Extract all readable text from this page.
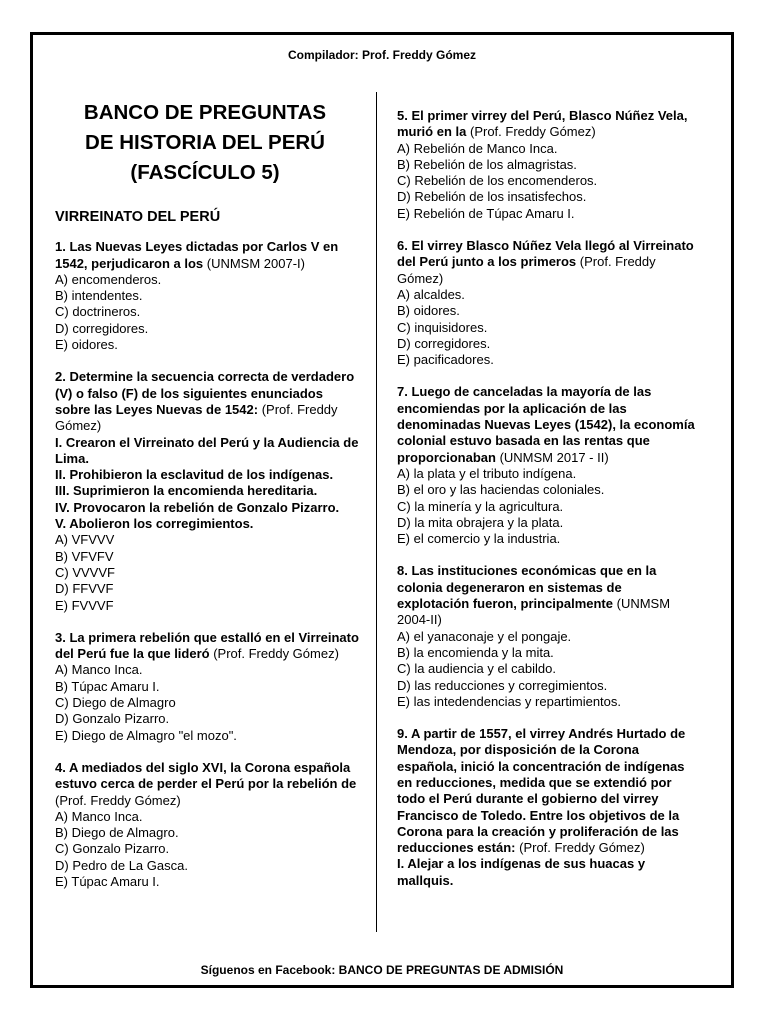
Compilador: Prof. Freddy Gómez
BANCO DE PREGUNTAS
DE HISTORIA DEL PERÚ
(FASCÍCULO 5)
VIRREINATO DEL PERÚ

1. Las Nuevas Leyes dictadas por Carlos V en 1542, perjudicaron a los (UNMSM 2007-I)

A) encomenderos.

B) intendentes.

C) doctrineros.

D) corregidores.

E) oidores.

2. Determine la secuencia correcta de verdadero (V) o falso (F) de los siguientes enunciados sobre las Leyes Nuevas de 1542: (Prof. Freddy Gómez)

I. Crearon el Virreinato del Perú y la Audiencia de Lima.

II. Prohibieron la esclavitud de los indígenas.

III. Suprimieron la encomienda hereditaria.

IV. Provocaron la rebelión de Gonzalo Pizarro.

V. Abolieron los corregimientos.

A) VFVVV

B) VFVFV

C) VVVVF

D) FFVVF

E) FVVVF

3. La primera rebelión que estalló en el Virreinato del Perú fue la que lideró (Prof. Freddy Gómez)

A) Manco Inca.

B) Túpac Amaru I.

C) Diego de Almagro

D) Gonzalo Pizarro.

E) Diego de Almagro "el mozo".

4. A mediados del siglo XVI, la Corona española estuvo cerca de perder el Perú por la rebelión de (Prof. Freddy Gómez)

A) Manco Inca.

B) Diego de Almagro.

C) Gonzalo Pizarro.

D) Pedro de La Gasca.

E) Túpac Amaru I.

5. El primer virrey del Perú, Blasco Núñez Vela, murió en la (Prof. Freddy Gómez)

A) Rebelión de Manco Inca.

B) Rebelión de los almagristas.

C) Rebelión de los encomenderos.

D) Rebelión de los insatisfechos.

E) Rebelión de Túpac Amaru I.

6. El virrey Blasco Núñez Vela llegó al Virreinato del Perú junto a los primeros (Prof. Freddy Gómez)

A) alcaldes.

B) oidores.

C) inquisidores.

D) corregidores.

E) pacificadores.

7. Luego de canceladas la mayoría de las encomiendas por la aplicación de las denominadas Nuevas Leyes (1542), la economía colonial estuvo basada en las rentas que proporcionaban (UNMSM 2017 - II)

A) la plata y el tributo indígena.

B) el oro y las haciendas coloniales.

C) la minería y la agricultura.

D) la mita obrajera y la plata.

E) el comercio y la industria.

8. Las instituciones económicas que en la colonia degeneraron en sistemas de explotación fueron, principalmente (UNMSM 2004-II)

A) el yanaconaje y el pongaje.

B) la encomienda y la mita.

C) la audiencia y el cabildo.

D) las reducciones y corregimientos.

E) las intedendencias y repartimientos.

9. A partir de 1557, el virrey Andrés Hurtado de Mendoza, por disposición de la Corona española, inició la concentración de indígenas en reducciones, medida que se extendió por todo el Perú durante el gobierno del virrey Francisco de Toledo. Entre los objetivos de la Corona para la creación y proliferación de las reducciones están: (Prof. Freddy Gómez)

I. Alejar a los indígenas de sus huacas y mallquis.

Síguenos en Facebook: BANCO DE PREGUNTAS DE ADMISIÓN
